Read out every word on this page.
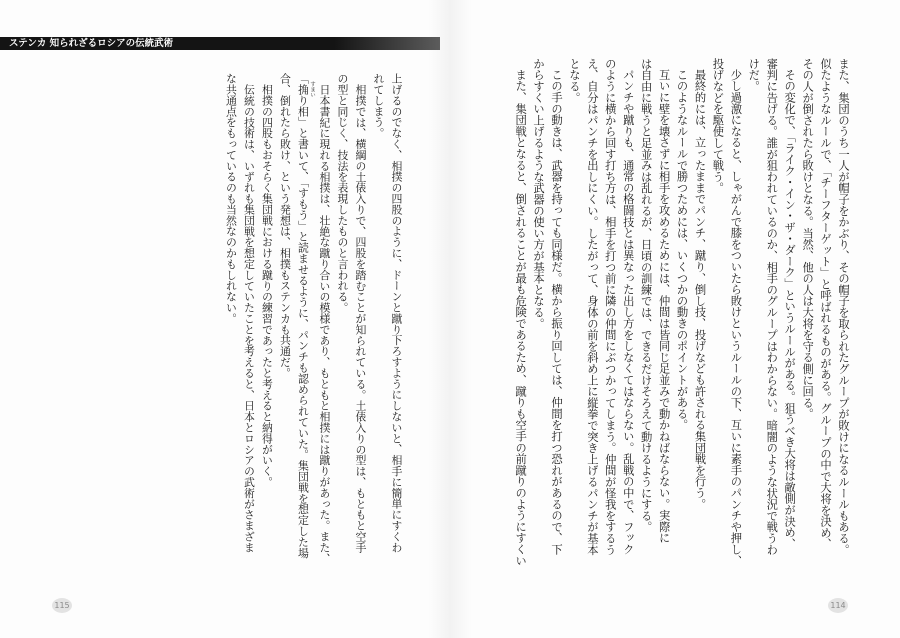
ステンカ 知られざるロシアの伝統武術
上げるのでなく、相撲の四股のように、ドーンと蹴り下ろすようにしないと、相手に簡単にすくわ
れてしまう。
相撲では、横綱の土俵入りで、四股を踏むことが知られている。土俵入りの型は、もともと空手
の型と同じく、技法を表現したものと言われる。
日本書紀に現れる相撲は、壮絶な蹴り合いの模様であり、もともと相撲には蹴りがあった。また、
「捔 すまいり相」と書いて、「すもう」と読ませるように、パンチも認められていた。集団戦を想定した場
合、倒れたら敗け、という発想は、相撲もステンカも共通だ。
相撲の四股もおそらく集団戦における蹴りの練習であったと考えると納得がいく。
伝統の技術は、いずれも集団戦を想定していたことを考えると、日本とロシアの武術がさまざま
な共通点をもっているのも当然なのかもしれない。	また、集団のうち一人が帽子をかぶり、その帽子を取られたグループが敗けになるルールもある。
似たようなルールで、「チーフターゲット」と呼ばれるものがある。グループの中で大将を決め、
その人が倒されたら敗けとなる。当然、他の人は大将を守る側に回る。
その変化で、「ライク・イン・ザ・ダーク」というルールがある。狙うべき大将は敵側が決め、
審判に告げる。誰が狙われているのか、相手のグループはわからない。暗闇のような状況で戦うわ
けだ。
少し過激になると、しゃがんで膝をついたら敗けというルールの下、互いに素手のパンチや押し、
投げなどを駆使して戦う。
最終的には、立ったままでパンチ、蹴り、倒し技、投げなども許される集団戦を行う。
このようなルールで勝つためには、いくつかの動きのポイントがある。
互いに壁を壊さずに相手を攻めるためには、仲間は皆同じ足並みで動かねばならない。実際に
は自由に戦うと足並みは乱れるが、日頃の訓練では、できるだけそろえて動けるようにする。
パンチや蹴りも、通常の格闘技とは異なった出し方をしなくてはならない。乱戦の中で、フック
のように横から回す打ち方は、相手を打つ前に隣の仲間にぶつかってしまう。仲間が怪我をするう
え、自分はパンチを出しにくい。したがって、身体の前を斜め上に縦拳で突き上げるパンチが基本
となる。
この手の動きは、武器を持っても同様だ。横から振り回しては、仲間を打つ恐れがあるので、下
からすくい上げるような武器の使い方が基本となる。
また、集団戦となると、倒されることが最も危険であるため、蹴りも空手の前蹴りのようにすくい
115	114
